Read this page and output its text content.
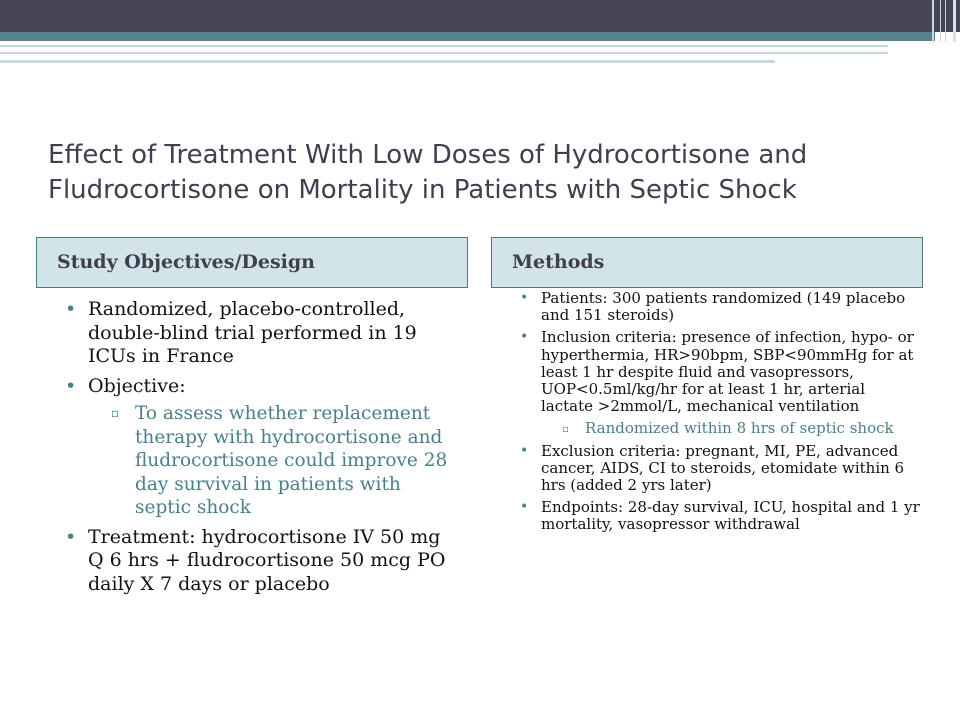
Effect of Treatment With Low Doses of Hydrocortisone and
Fludrocortisone on Mortality in Patients with Septic Shock
Study Objectives/Design	Methods
• Randomized, placebo-controlled, double-blind trial performed in 19 ICUs in France
• Objective:
▫ To assess whether replacement therapy with hydrocortisone and fludrocortisone could improve 28 day survival in patients with septic shock
• Treatment: hydrocortisone IV 50 mg Q 6 hrs + fludrocortisone 50 mcg PO daily X 7 days or placebo
• Patients: 300 patients randomized (149 placebo and 151 steroids)
• Inclusion criteria: presence of infection, hypo- or hyperthermia, HR>90bpm, SBP<90mmHg for at least 1 hr despite fluid and vasopressors, UOP<0.5ml/kg/hr for at least 1 hr, arterial lactate >2mmol/L, mechanical ventilation
▫ Randomized within 8 hrs of septic shock
• Exclusion criteria: pregnant, MI, PE, advanced cancer, AIDS, CI to steroids, etomidate within 6 hrs (added 2 yrs later)
• Endpoints: 28-day survival, ICU, hospital and 1 yr mortality, vasopressor withdrawal
